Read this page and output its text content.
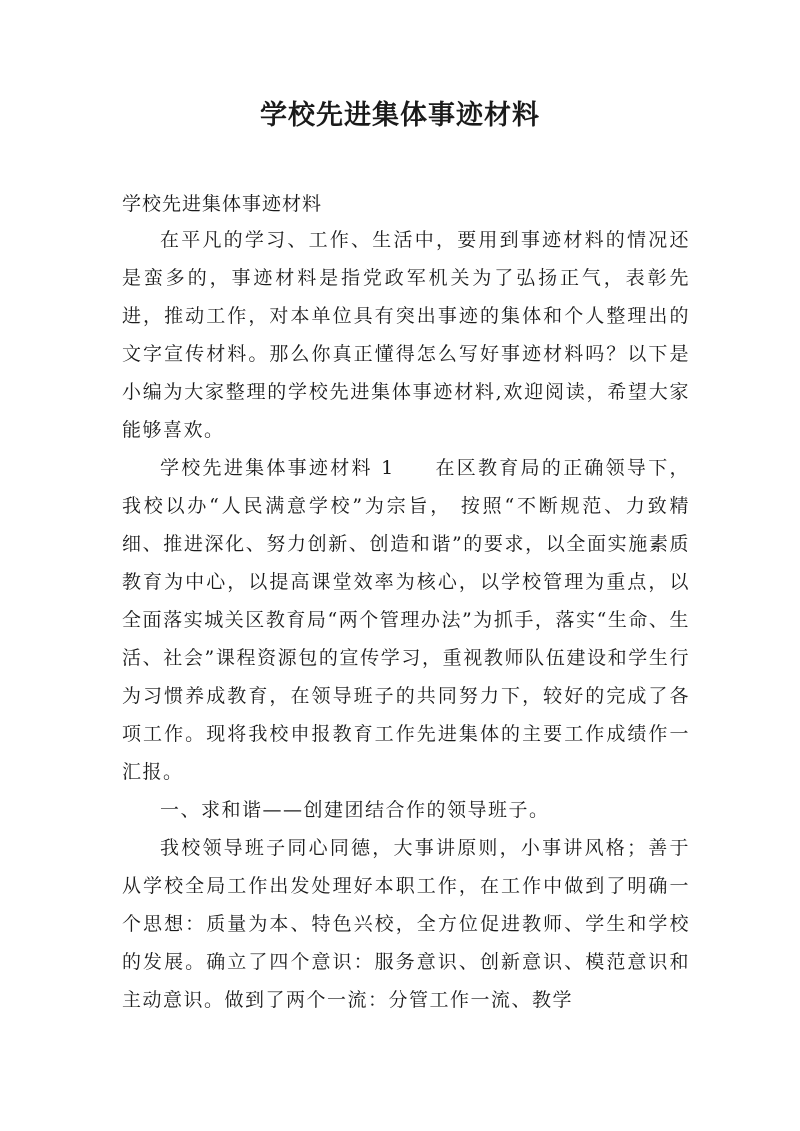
学校先进集体事迹材料
学校先进集体事迹材料

在平凡的学习、工作、生活中，要用到事迹材料的情况还是蛮多的，事迹材料是指党政军机关为了弘扬正气，表彰先进，推动工作，对本单位具有突出事迹的集体和个人整理出的文字宣传材料。那么你真正懂得怎么写好事迹材料吗？以下是小编为大家整理的学校先进集体事迹材料,欢迎阅读，希望大家能够喜欢。

学校先进集体事迹材料 1 在区教育局的正确领导下，我校以办“人民满意学校”为宗旨， 按照“不断规范、力致精细、推进深化、努力创新、创造和谐”的要求，以全面实施素质教育为中心，以提高课堂效率为核心，以学校管理为重点，以全面落实城关区教育局“两个管理办法”为抓手，落实“生命、生活、社会”课程资源包的宣传学习，重视教师队伍建设和学生行为习惯养成教育，在领导班子的共同努力下，较好的完成了各项工作。现将我校申报教育工作先进集体的主要工作成绩作一汇报。

一、求和谐——创建团结合作的领导班子。

我校领导班子同心同德，大事讲原则，小事讲风格；善于从学校全局工作出发处理好本职工作，在工作中做到了明确一个思想：质量为本、特色兴校，全方位促进教师、学生和学校的发展。确立了四个意识：服务意识、创新意识、模范意识和主动意识。做到了两个一流：分管工作一流、教学
